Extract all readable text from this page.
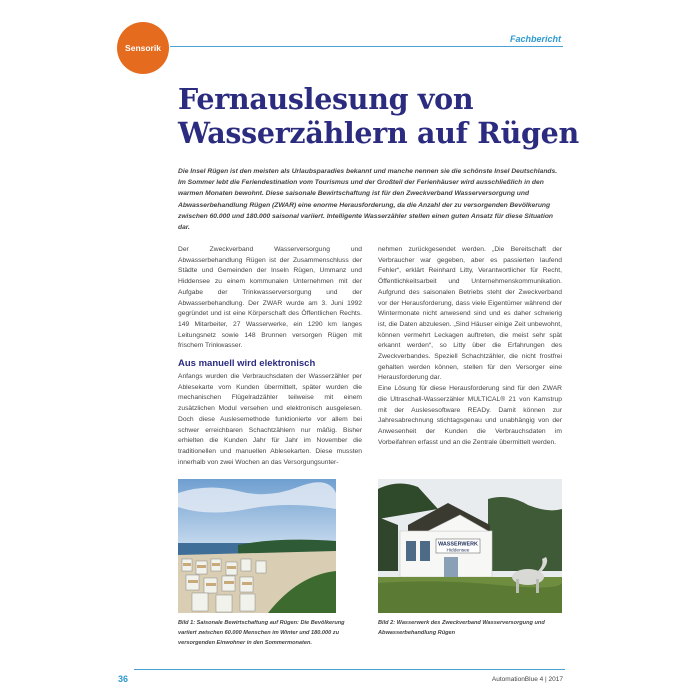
Sensorik
Fachbericht
Fernauslesung von Wasserzählern auf Rügen

Die Insel Rügen ist den meisten als Urlaubsparadies bekannt und manche nennen sie die schönste Insel Deutschlands. Im Sommer lebt die Feriendestination vom Tourismus und der Großteil der Ferienhäuser wird ausschließlich in den warmen Monaten bewohnt. Diese saisonale Bewirtschaftung ist für den Zweckverband Wasserversorgung und Abwasserbehandlung Rügen (ZWAR) eine enorme Herausforderung, da die Anzahl der zu versorgenden Bevölkerung zwischen 60.000 und 180.000 saisonal variiert. Intelligente Wasserzähler stellen einen guten Ansatz für diese Situation dar.

Der Zweckverband Wasserversorgung und Abwasserbehandlung Rügen ist der Zusammenschluss der Städte und Gemeinden der Inseln Rügen, Ummanz und Hiddensee zu einem kommunalen Unternehmen mit der Aufgabe der Trinkwasserversorgung und der Abwasserbehandlung. Der ZWAR wurde am 3. Juni 1992 gegründet und ist eine Körperschaft des Öffentlichen Rechts. 149 Mitarbeiter, 27 Wasserwerke, ein 1290 km langes Leitungsnetz sowie 148 Brunnen versorgen Rügen mit frischem Trinkwasser.

Aus manuell wird elektronisch

Anfangs wurden die Verbrauchsdaten der Wasserzähler per Ablesekarte vom Kunden übermittelt, später wurden die mechanischen Flügelradzähler teilweise mit einem zusätzlichen Modul versehen und elektronisch ausgelesen. Doch diese Auslesemethode funktionierte vor allem bei schwer erreichbaren Schachtzählern nur mäßig. Bisher erhielten die Kunden Jahr für Jahr im November die traditionellen und manuellen Ablesekarten. Diese mussten innerhalb von zwei Wochen an das Versorgungsunter-

nehmen zurückgesendet werden. „Die Bereitschaft der Verbraucher war gegeben, aber es passierten laufend Fehler“, erklärt Reinhard Litty, Verantwortlicher für Recht, Öffentlichkeitsarbeit und Unternehmenskommunikation. Aufgrund des saisonalen Betriebs steht der Zweckverband vor der Herausforderung, dass viele Eigentümer während der Wintermonate nicht anwesend sind und es daher schwierig ist, die Daten abzulesen. „Sind Häuser einige Zeit unbewohnt, können vermehrt Leckagen auftreten, die meist sehr spät erkannt werden“, so Litty über die Erfahrungen des Zweckverbandes. Speziell Schachtzähler, die nicht frostfrei gehalten werden können, stellen für den Versorger eine Herausforderung dar.

Eine Lösung für diese Herausforderung sind für den ZWAR die Ultraschall-Wasserzähler MULTICAL® 21 von Kamstrup mit der Auslesesoftware READy. Damit können zur Jahresabrechnung stichtagsgenau und unabhängig von der Anwesenheit der Kunden die Verbrauchsdaten im Vorbeifahren erfasst und an die Zentrale übermittelt werden.

WASSERWERK
Hiddensee
Bild 1: Saisonale Bewirtschaftung auf Rügen: Die Bevölkerung variiert zwischen 60.000 Menschen im Winter und 180.000 zu versorgenden Einwohner in den Sommermonaten.
Bild 2: Wasserwerk des Zweckverband Wasserversorgung und Abwasserbehandlung Rügen
36	AutomationBlue 4 | 2017
